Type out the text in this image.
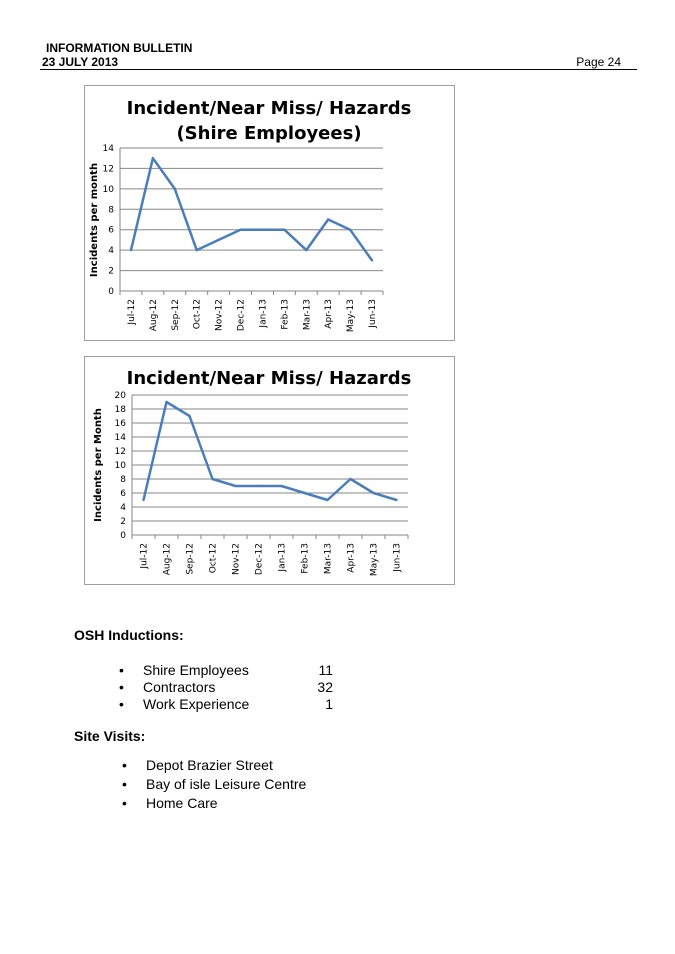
INFORMATION BULLETIN
23 JULY 2013	Page 24
Incident/Near Miss/ Hazards
(Shire Employees)
Incidents per month
0
2
4
6
8
10
12
14
Jul-12 Aug-12 Sep-12 Oct-12 Nov-12 Dec-12 Jan-13 Feb-13 Mar-13 Apr-13 May-13 Jun-13
Incident/Near Miss/ Hazards
Incidents per Month
0
2
4
6
8
10
12
14
16
18
20
Jul-12 Aug-12 Sep-12 Oct-12 Nov-12 Dec-12 Jan-13 Feb-13 Mar-13 Apr-13 May-13 Jun-13
OSH Inductions:
• Shire Employees	11
• Contractors	32
• Work Experience	1
Site Visits:
• Depot Brazier Street
• Bay of isle Leisure Centre
• Home Care
